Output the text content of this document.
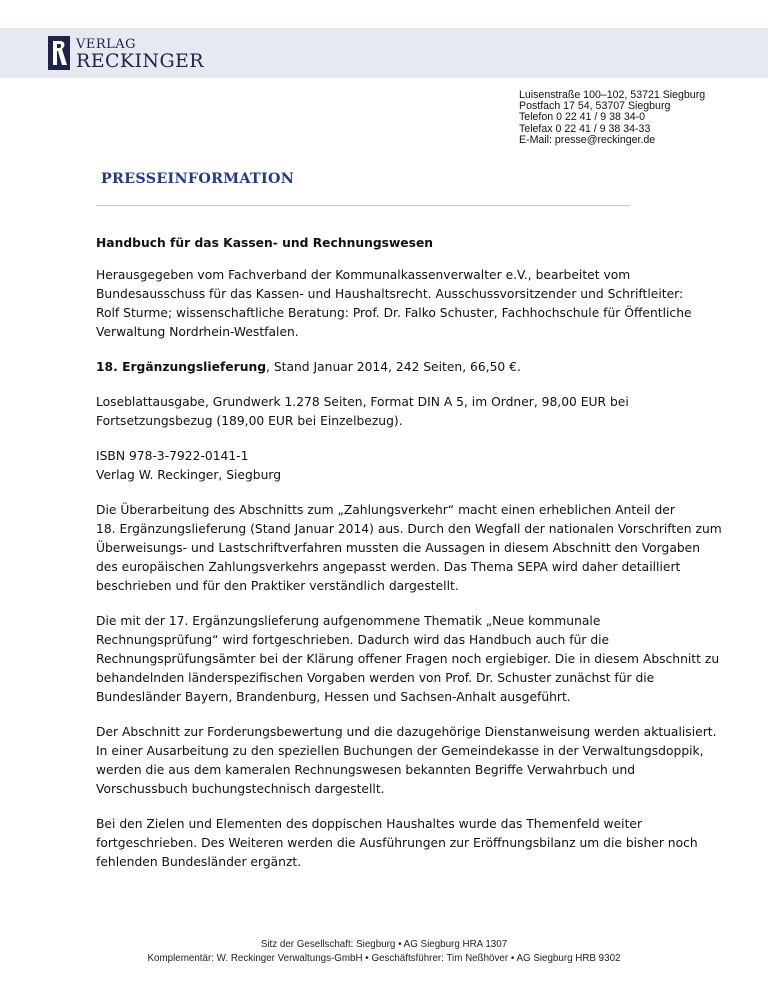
VERLAG
RECKINGER
Luisenstraße 100–102, 53721 Siegburg
Postfach 17 54, 53707 Siegburg
Telefon 0 22 41 / 9 38 34-0
Telefax 0 22 41 / 9 38 34-33
E-Mail: presse@reckinger.de
PRESSEINFORMATION

Handbuch für das Kassen- und Rechnungswesen

Herausgegeben vom Fachverband der Kommunalkassenverwalter e.V., bearbeitet vom
Bundesausschuss für das Kassen- und Haushaltsrecht. Ausschussvorsitzender und Schriftleiter:
Rolf Sturme; wissenschaftliche Beratung: Prof. Dr. Falko Schuster, Fachhochschule für Öffentliche
Verwaltung Nordrhein-Westfalen.

18. Ergänzungslieferung, Stand Januar 2014, 242 Seiten, 66,50 €.

Loseblattausgabe, Grundwerk 1.278 Seiten, Format DIN A 5, im Ordner, 98,00 EUR bei
Fortsetzungsbezug (189,00 EUR bei Einzelbezug).

ISBN 978-3-7922-0141-1
Verlag W. Reckinger, Siegburg

Die Überarbeitung des Abschnitts zum „Zahlungsverkehr“ macht einen erheblichen Anteil der
18. Ergänzungslieferung (Stand Januar 2014) aus. Durch den Wegfall der nationalen Vorschriften zum
Überweisungs- und Lastschriftverfahren mussten die Aussagen in diesem Abschnitt den Vorgaben
des europäischen Zahlungsverkehrs angepasst werden. Das Thema SEPA wird daher detailliert
beschrieben und für den Praktiker verständlich dargestellt.

Die mit der 17. Ergänzungslieferung aufgenommene Thematik „Neue kommunale
Rechnungsprüfung“ wird fortgeschrieben. Dadurch wird das Handbuch auch für die
Rechnungsprüfungsämter bei der Klärung offener Fragen noch ergiebiger. Die in diesem Abschnitt zu
behandelnden länderspezifischen Vorgaben werden von Prof. Dr. Schuster zunächst für die
Bundesländer Bayern, Brandenburg, Hessen und Sachsen-Anhalt ausgeführt.

Der Abschnitt zur Forderungsbewertung und die dazugehörige Dienstanweisung werden aktualisiert.
In einer Ausarbeitung zu den speziellen Buchungen der Gemeindekasse in der Verwaltungsdoppik,
werden die aus dem kameralen Rechnungswesen bekannten Begriffe Verwahrbuch und
Vorschussbuch buchungstechnisch dargestellt.

Bei den Zielen und Elementen des doppischen Haushaltes wurde das Themenfeld weiter
fortgeschrieben. Des Weiteren werden die Ausführungen zur Eröffnungsbilanz um die bisher noch
fehlenden Bundesländer ergänzt.

Sitz der Gesellschaft: Siegburg • AG Siegburg HRA 1307
Komplementär: W. Reckinger Verwaltungs-GmbH • Geschäftsführer: Tim Neßhöver • AG Siegburg HRB 9302
